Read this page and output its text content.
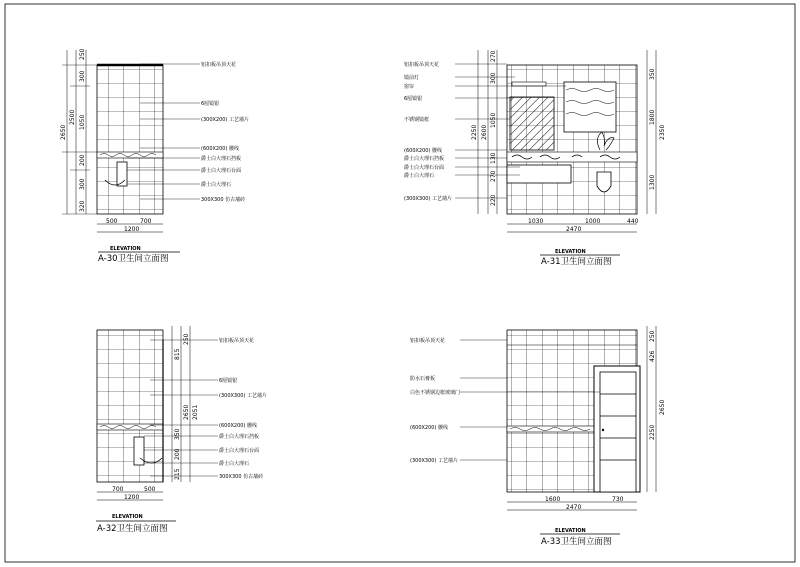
250
300
1050
200
300
320
2650
2500
500	700
1200
铝扣板吊顶天花
6厘镜银
(300X200) 工艺墙片
(600X200) 腰线
爵士白大理石挡板
爵士白大理石台面
爵士白大理石
300X300 仿古墙砖
ELEVATION
A-30卫生间立面图
270
300
1050
130
270
220
2250 2600
350
1800
1300
2350
1030	1000	440
2470
铝扣板吊顶天花
镜前灯
窗帘
6厘镜银
不锈钢镜框
(600X200) 腰线
爵士白大理石挡板
爵士白大理石台面
爵士白大理石
(300X300) 工艺墙片
ELEVATION
A-31卫生间立面图
250
815
2650 2051
350
200
215
700	500
1200
铝扣板吊顶天花
6厘镜银
(300X300) 工艺墙片
(600X200) 腰线
爵士白大理石挡板
爵士白大理石台面
爵士白大理石
300X300 仿古墙砖
ELEVATION
A-32卫生间立面图
250
426
2650
2250
1600	730
2470
铝扣板吊顶天花
防水石膏板
白色不锈钢边框玻璃门
(600X200) 腰线
(300X300) 工艺墙片
ELEVATION
A-33卫生间立面图
